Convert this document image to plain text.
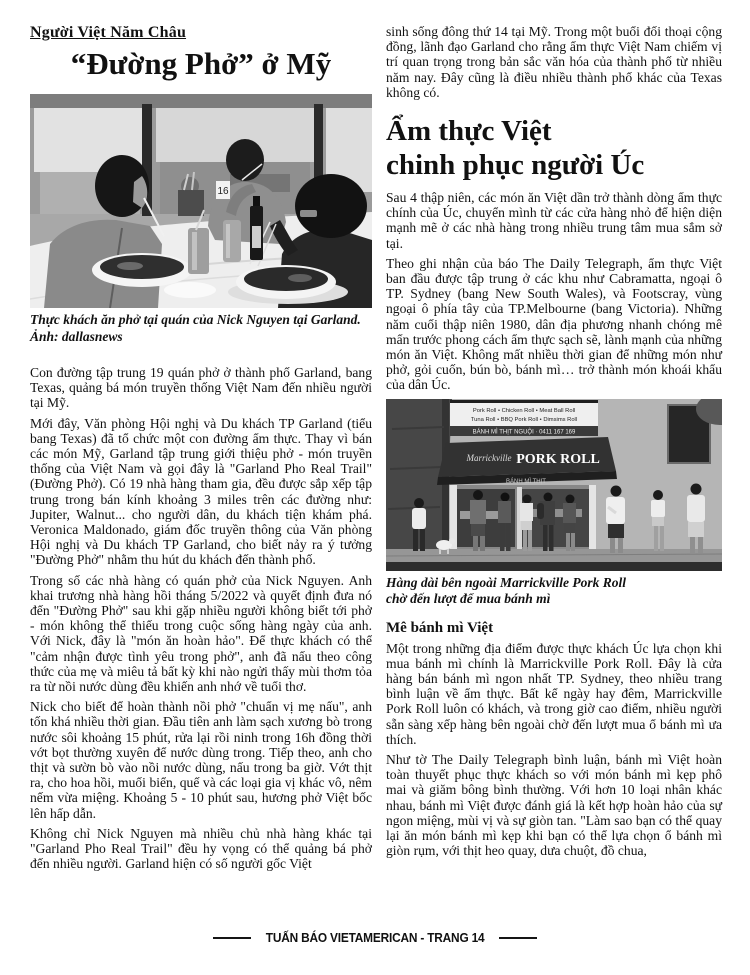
Người Việt Năm Châu
“Đường Phở” ở Mỹ
16
Thực khách ăn phở tại quán của Nick Nguyen tại Garland.
Ảnh: dallasnews

Con đường tập trung 19 quán phở ở thành phố Garland, bang Texas, quảng bá món truyền thống Việt Nam đến nhiều người tại Mỹ.

Mới đây, Văn phòng Hội nghị và Du khách TP Garland (tiểu bang Texas) đã tổ chức một con đường ẩm thực. Thay vì bán các món Mỹ, Garland tập trung giới thiệu phở - món truyền thống của Việt Nam và gọi đây là "Garland Pho Real Trail" (Đường Phở). Có 19 nhà hàng tham gia, đều được sắp xếp tập trung trong bán kính khoảng 3 miles trên các đường như: Jupiter, Walnut... cho người dân, du khách tiện khám phá. Veronica Maldonado, giám đốc truyền thông của Văn phòng Hội nghị và Du khách TP Garland, cho biết nảy ra ý tưởng "Đường Phở" nhằm thu hút du khách đến thành phố.

Trong số các nhà hàng có quán phở của Nick Nguyen. Anh khai trương nhà hàng hồi tháng 5/2022 và quyết định đưa nó đến "Đường Phở" sau khi gặp nhiều người không biết tới phở - món không thể thiếu trong cuộc sống hàng ngày của anh. Với Nick, đây là "món ăn hoàn hảo". Để thực khách có thể "cảm nhận được tình yêu trong phở", anh đã nấu theo công thức của mẹ và miêu tả bất kỳ khi nào ngửi thấy mùi thơm tỏa ra từ nồi nước dùng đều khiến anh nhớ về tuổi thơ.

Nick cho biết để hoàn thành nồi phở "chuẩn vị mẹ nấu", anh tốn khá nhiều thời gian. Đầu tiên anh làm sạch xương bò trong nước sôi khoảng 15 phút, rửa lại rồi ninh trong 16h đồng thời vớt bọt thường xuyên để nước dùng trong. Tiếp theo, anh cho thịt và sườn bò vào nồi nước dùng, nấu trong ba giờ. Vớt thịt ra, cho hoa hồi, muối biển, quế và các loại gia vị khác vô, nêm nếm vừa miệng. Khoảng 5 - 10 phút sau, hương phở Việt bốc lên hấp dẫn.

Không chỉ Nick Nguyen mà nhiều chủ nhà hàng khác tại "Garland Pho Real Trail" đều hy vọng có thể quảng bá phở đến nhiều người. Garland hiện có số người gốc Việt

sinh sống đông thứ 14 tại Mỹ. Trong một buổi đối thoại cộng đồng, lãnh đạo Garland cho rằng ẩm thực Việt Nam chiếm vị trí quan trọng trong bản sắc văn hóa của thành phố từ nhiều năm nay. Đây cũng là điều nhiều thành phố khác của Texas không có.

Ẩm thực Việt
chinh phục người Úc

Sau 4 thập niên, các món ăn Việt dần trở thành dòng ẩm thực chính của Úc, chuyển mình từ các cửa hàng nhỏ để hiện diện mạnh mẽ ở các nhà hàng trong nhiều trung tâm mua sắm sở tại.

Theo ghi nhận của báo The Daily Telegraph, ẩm thực Việt ban đầu được tập trung ở các khu như Cabramatta, ngoại ô TP. Sydney (bang New South Wales), và Footscray, vùng ngoại ô phía tây của TP.Melbourne (bang Victoria). Những năm cuối thập niên 1980, dân địa phương nhanh chóng mê mẩn trước phong cách ẩm thực sạch sẽ, lành mạnh của những món ăn Việt. Không mất nhiều thời gian để những món như phở, gỏi cuốn, bún bò, bánh mì… trở thành món khoái khẩu của dân Úc.

Pork Roll • Chicken Roll • Meat Ball Roll
Tuna Roll • BBQ Pork Roll • Dimsims Roll
BÁNH MÌ THỊT NGUỘI · 0411 167 169
Marrickville PORK ROLL
BÁNH MÌ THỊT
Hàng dài bên ngoài Marrickville Pork Roll
chờ đến lượt để mua bánh mì
Mê bánh mì Việt

Một trong những địa điểm được thực khách Úc lựa chọn khi mua bánh mì chính là Marrickville Pork Roll. Đây là cửa hàng bán bánh mì ngon nhất TP. Sydney, theo nhiều trang bình luận về ẩm thực. Bất kể ngày hay đêm, Marrickville Pork Roll luôn có khách, và trong giờ cao điểm, nhiều người sẵn sàng xếp hàng bên ngoài chờ đến lượt mua ổ bánh mì ưa thích.

Như tờ The Daily Telegraph bình luận, bánh mì Việt hoàn toàn thuyết phục thực khách so với món bánh mì kẹp phô mai và giăm bông bình thường. Với hơn 10 loại nhân khác nhau, bánh mì Việt được đánh giá là kết hợp hoàn hảo của sự ngon miệng, mùi vị và sự giòn tan. "Làm sao bạn có thể quay lại ăn món bánh mì kẹp khi bạn có thể lựa chọn ổ bánh mì giòn rụm, với thịt heo quay, dưa chuột, đồ chua,

TUẤN BÁO VIETAMERICAN - TRANG 14
